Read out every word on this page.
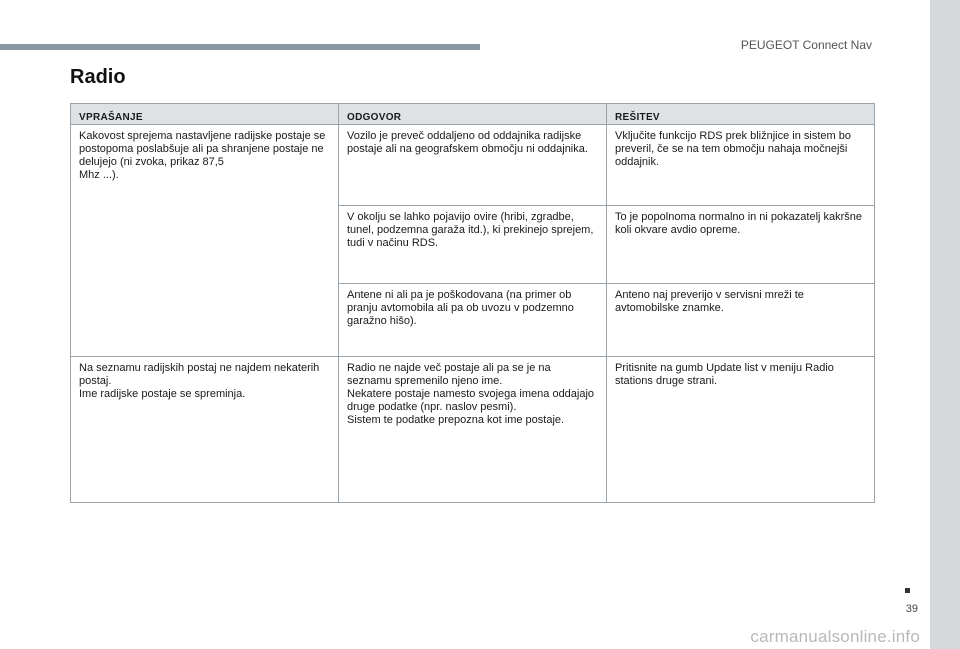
PEUGEOT Connect Nav
Radio
VPRAŠANJE	ODGOVOR	REŠITEV

Kakovost sprejema nastavljene radijske postaje se postopoma poslabšuje ali pa shranjene postaje ne delujejo (ni zvoka, prikaz 87,5
Mhz ...).	Vozilo je preveč oddaljeno od oddajnika radijske postaje ali na geografskem območju ni oddajnika.	Vključite funkcijo RDS prek bližnjice in sistem bo preveril, če se na tem območju nahaja močnejši oddajnik.

	V okolju se lahko pojavijo ovire (hribi, zgradbe, tunel, podzemna garaža itd.), ki prekinejo sprejem, tudi v načinu RDS.	To je popolnoma normalno in ni pokazatelj kakršne koli okvare avdio opreme.

	Antene ni ali pa je poškodovana (na primer ob pranju avtomobila ali pa ob uvozu v podzemno garažno hišo).	Anteno naj preverijo v servisni mreži te avtomobilske znamke.

Na seznamu radijskih postaj ne najdem nekaterih postaj.
Ime radijske postaje se spreminja.	Radio ne najde več postaje ali pa se je na seznamu spremenilo njeno ime.
Nekatere postaje namesto svojega imena oddajajo druge podatke (npr. naslov pesmi).
Sistem te podatke prepozna kot ime postaje.	Pritisnite na gumb Update list v meniju Radio stations druge strani.
39
carmanualsonline.info
